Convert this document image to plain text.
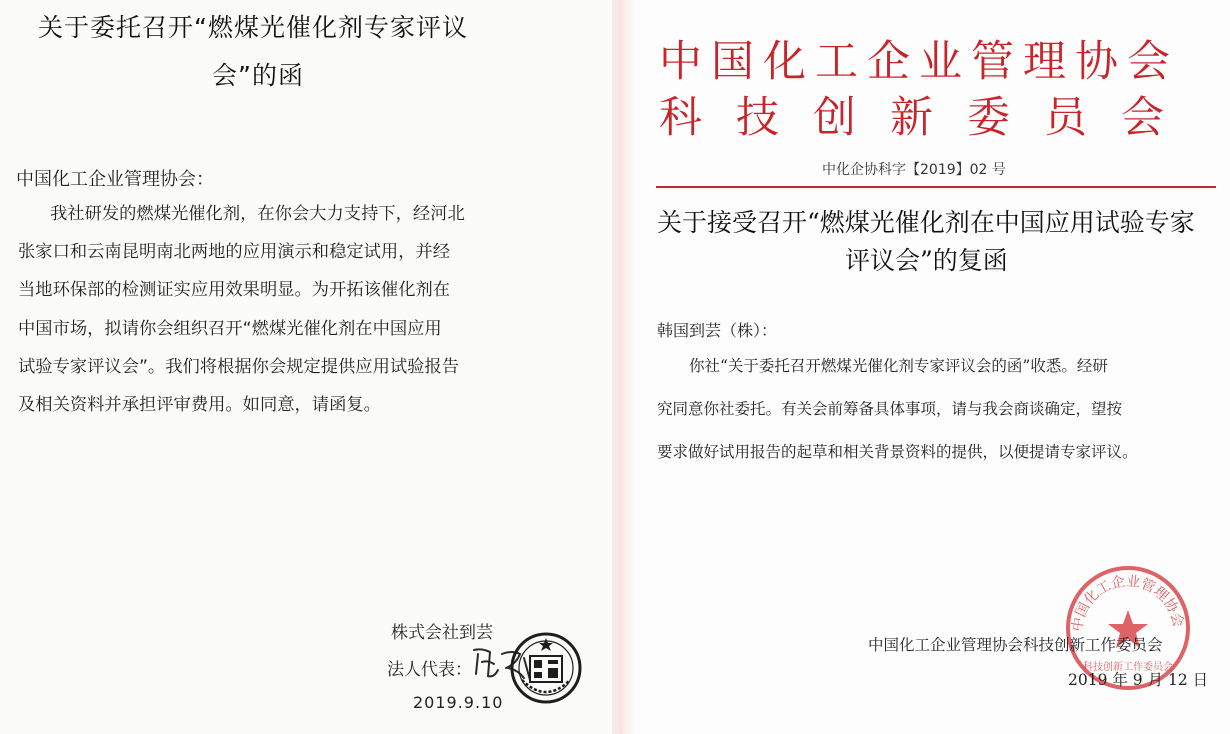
关于委托召开“燃煤光催化剂专家评议
会”的函
中国化工企业管理协会：
我社研发的燃煤光催化剂，在你会大力支持下，经河北
张家口和云南昆明南北两地的应用演示和稳定试用，并经
当地环保部的检测证实应用效果明显。为开拓该催化剂在
中国市场，拟请你会组织召开“燃煤光催化剂在中国应用
试验专家评议会”。我们将根据你会规定提供应用试验报告
及相关资料并承担评审费用。如同意，请函复。
株式会社到芸
法人代表：
2019.9.10
中国化工企业管理协会
科技创新委员会
中化企协科字【2019】02 号
关于接受召开“燃煤光催化剂在中国应用试验专家
评议会”的复函
韩国到芸（株）：
你社“关于委托召开燃煤光催化剂专家评议会的函”收悉。经研
究同意你社委托。有关会前筹备具体事项，请与我会商谈确定，望按
要求做好试用报告的起草和相关背景资料的提供，以便提请专家评议。
中国化工企业管理协会
科技创新工作委员会
中国化工企业管理协会科技创新工作委员会
2019 年 9 月 12 日
